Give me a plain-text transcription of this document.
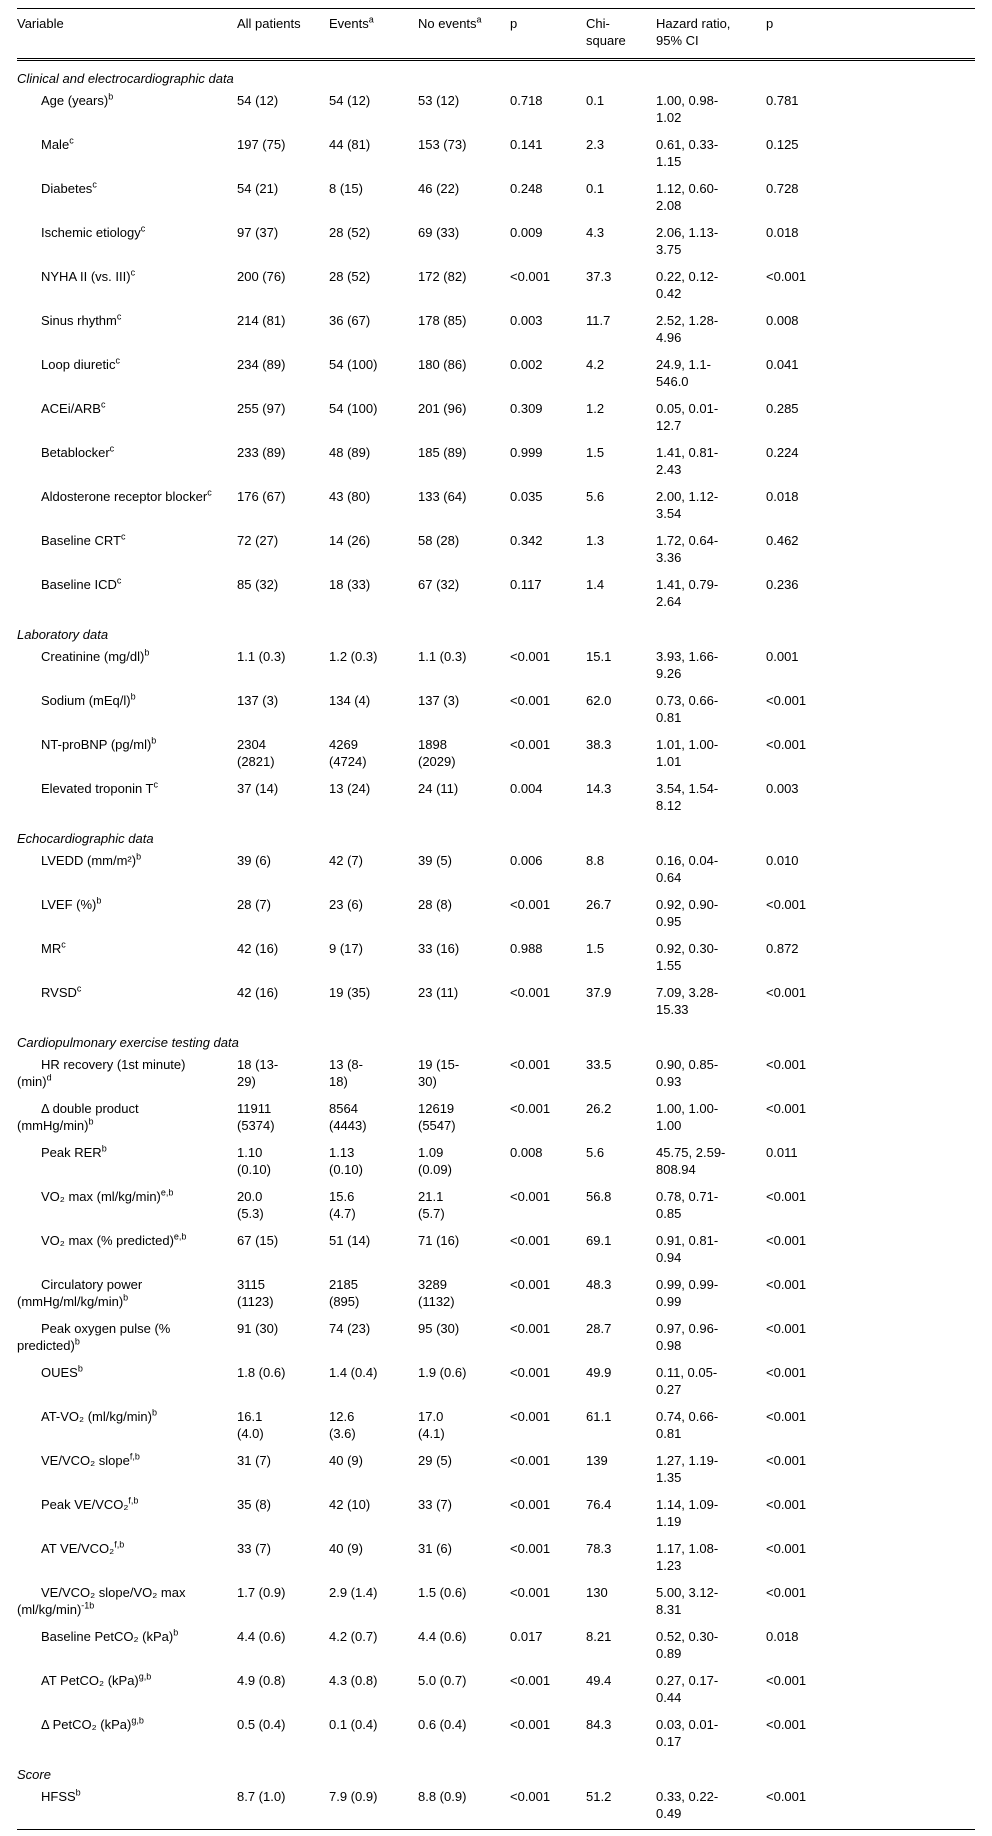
Variable	All patients	Events$^a$	No events$^a$	p	Chi-square	Hazard ratio, 95% CI	p
Clinical and electrocardiographic data							
Age (years)$^b$	54 (12)	54 (12)	53 (12)	0.718	0.1	1.00, 0.98-1.02	0.781
Male$^c$	197 (75)	44 (81)	153 (73)	0.141	2.3	0.61, 0.33-1.15	0.125
Diabetes$^c$	54 (21)	8 (15)	46 (22)	0.248	0.1	1.12, 0.60-2.08	0.728
Ischemic etiology$^c$	97 (37)	28 (52)	69 (33)	0.009	4.3	2.06, 1.13-3.75	0.018
NYHA II (vs. III)$^c$	200 (76)	28 (52)	172 (82)	<0.001	37.3	0.22, 0.12-0.42	<0.001
Sinus rhythm$^c$	214 (81)	36 (67)	178 (85)	0.003	11.7	2.52, 1.28-4.96	0.008
Loop diuretic$^c$	234 (89)	54 (100)	180 (86)	0.002	4.2	24.9, 1.1-546.0	0.041
ACEi/ARB$^c$	255 (97)	54 (100)	201 (96)	0.309	1.2	0.05, 0.01-12.7	0.285
Betablocker$^c$	233 (89)	48 (89)	185 (89)	0.999	1.5	1.41, 0.81-2.43	0.224
Aldosterone receptor blocker$^c$	176 (67)	43 (80)	133 (64)	0.035	5.6	2.00, 1.12-3.54	0.018
Baseline CRT$^c$	72 (27)	14 (26)	58 (28)	0.342	1.3	1.72, 0.64-3.36	0.462
Baseline ICD$^c$	85 (32)	18 (33)	67 (32)	0.117	1.4	1.41, 0.79-2.64	0.236
Laboratory data							
Creatinine $(mg/dl)^b$	1.1 (0.3)	1.2 (0.3)	1.1 (0.3)	<0.001	15.1	3.93, 1.66-9.26	0.001
Sodium $(mEq/l)^b$	137 (3)	134 (4)	137 (3)	<0.001	62.0	0.73, 0.66-0.81	<0.001
NT-proBNP $(pg/ml)^b$	2304 (2821)	4269 (4724)	1898 (2029)	<0.001	38.3	1.01, 1.00-1.01	<0.001
Elevated troponin $T^c$	37 (14)	13 (24)	24 (11)	0.004	14.3	3.54, 1.54-8.12	0.003
Echocardiographic data							
LVEDD $(mm/m^2)^b$	39 (6)	42 (7)	39 (5)	0.006	8.8	0.16, 0.04-0.64	0.010
LVEF (%)$^b$	28 (7)	23 (6)	28 (8)	<0.001	26.7	0.92, 0.90-0.95	<0.001
$MR^c$	42 (16)	9 (17)	33 (16)	0.988	1.5	0.92, 0.30-1.55	0.872
RVSD$^c$	42 (16)	19 (35)	23 (11)	<0.001	37.9	7.09, 3.28-15.33	<0.001
Cardiopulmonary exercise testing data							
HR recovery (1st minute) $(\min)^d$	18 (13-29)	13 (8-18)	19 (15-30)	<0.001	33.5	0.90, 0.85-0.93	<0.001
Δ double product (mmHg/min)$^b$	11911 (5374)	8564 (4443)	12619 (5547)	<0.001	26.2	1.00, 1.00-1.00	<0.001
Peak RER$^b$	1.10 (0.10)	1.13 (0.10)	1.09 (0.09)	0.008	5.6	45.75, 2.59-808.94	0.011
VO₂ $\max (ml/kg/\min)^{e,b}$	20.0 (5.3)	15.6 (4.7)	21.1 (5.7)	<0.001	56.8	0.78, 0.71-0.85	<0.001
VO₂ max (% predicted)$^{e,b}$	67 (15)	51 (14)	71 (16)	<0.001	69.1	0.91, 0.81-0.94	<0.001
Circulatory power (mmHg/ml/kg/min)$^b$	3115 (1123)	2185 (895)	3289 (1132)	<0.001	48.3	0.99, 0.99-0.99	<0.001
Peak oxygen pulse (% predicted)$^b$	91 (30)	74 (23)	95 (30)	<0.001	28.7	0.97, 0.96-0.98	<0.001
OUES$^b$	1.8 (0.6)	1.4 (0.4)	1.9 (0.6)	<0.001	49.9	0.11, 0.05-0.27	<0.001
AT-VO₂ $(ml/kg/\min)^b$	16.1 (4.0)	12.6 (3.6)	17.0 (4.1)	<0.001	61.1	0.74, 0.66-0.81	<0.001
VE/VCO₂ slope$^{f,b}$	31 (7)	40 (9)	29 (5)	<0.001	139	1.27, 1.19-1.35	<0.001
Peak VE/VCO₂$^{f,b}$	35 (8)	42 (10)	33 (7)	<0.001	76.4	1.14, 1.09-1.19	<0.001
AT VE/VCO₂$^{f,b}$	33 (7)	40 (9)	31 (6)	<0.001	78.3	1.17, 1.08-1.23	<0.001
VE/VCO₂ slope/VO₂ $\max (ml/kg/\min)^{-1b}$	1.7 (0.9)	2.9 (1.4)	1.5 (0.6)	<0.001	130	5.00, 3.12-8.31	<0.001
Baseline PetCO₂ (kPa)$^b$	4.4 (0.6)	4.2 (0.7)	4.4 (0.6)	0.017	8.21	0.52, 0.30-0.89	0.018
AT PetCO₂ (kPa)$^{g,b}$	4.9 (0.8)	4.3 (0.8)	5.0 (0.7)	<0.001	49.4	0.27, 0.17-0.44	<0.001
Δ PetCO₂ (kPa)$^{g,b}$	0.5 (0.4)	0.1 (0.4)	0.6 (0.4)	<0.001	84.3	0.03, 0.01-0.17	<0.001
Score							
HFSS$^b$	8.7 (1.0)	7.9 (0.9)	8.8 (0.9)	<0.001	51.2	0.33, 0.22-0.49	<0.001
